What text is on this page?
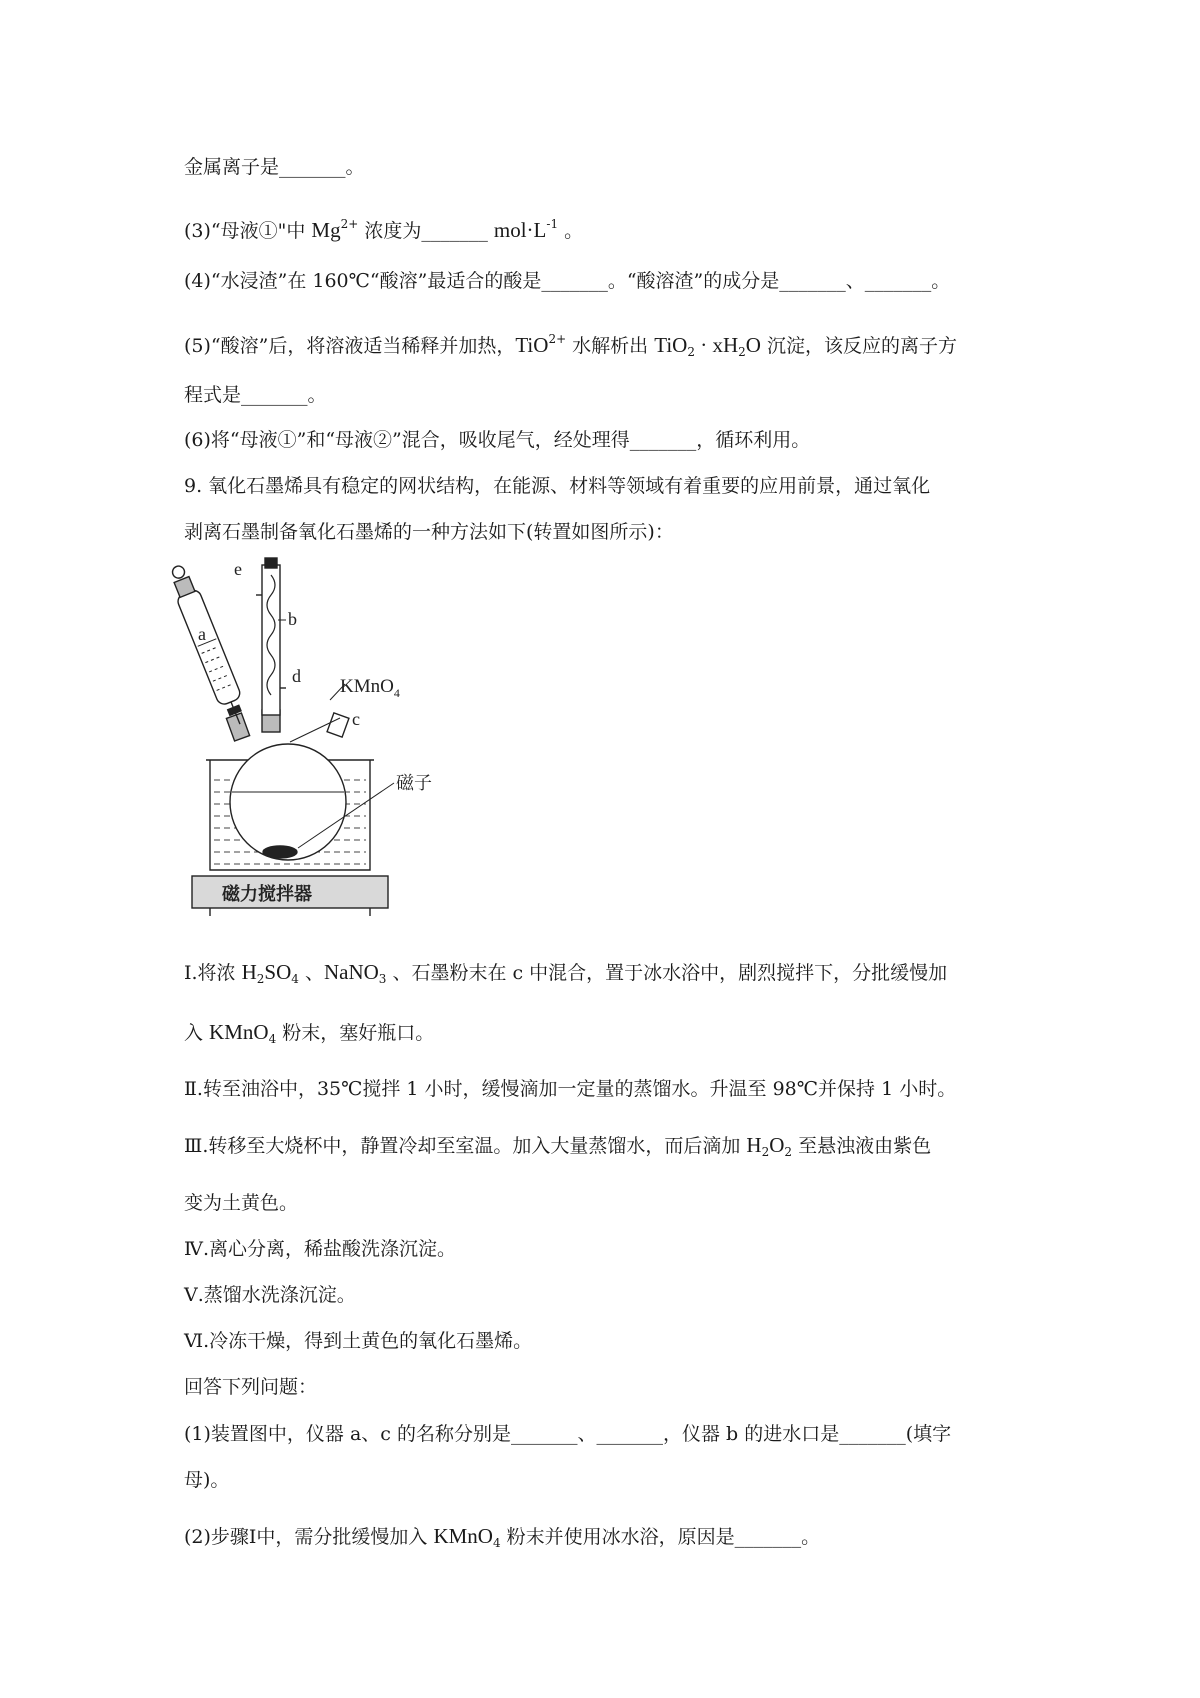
金属离子是_______。
(3)“母液①"中 $Mg^{2+}$ 浓度为_______ $mol\cdot L^{-1}$ 。
(4)“水浸渣”在 160℃“酸溶”最适合的酸是_______。“酸溶渣”的成分是_______、_______。
(5)“酸溶”后，将溶液适当稀释并加热，TiO$^{2+}$ 水解析出 $TiO_2 \cdot xH_2O$ 沉淀，该反应的离子方
程式是_______。
(6)将“母液①”和“母液②”混合，吸收尾气，经处理得_______，循环利用。
9. 氧化石墨烯具有稳定的网状结构，在能源、材料等领域有着重要的应用前景，通过氧化
剥离石墨制备氧化石墨烯的一种方法如下(转置如图所示)：
a
e
b
d
c
KMnO$_4$
磁子
磁力搅拌器
Ⅰ.将浓 $H_2SO_4$ 、NaNO$_3$ 、石墨粉末在 c 中混合，置于冰水浴中，剧烈搅拌下，分批缓慢加
入 KMnO$_4$ 粉末，塞好瓶口。
Ⅱ.转至油浴中，35℃搅拌 1 小时，缓慢滴加一定量的蒸馏水。升温至 98℃并保持 1 小时。
Ⅲ.转移至大烧杯中，静置冷却至室温。加入大量蒸馏水，而后滴加 $H_2O_2$ 至悬浊液由紫色
变为土黄色。
Ⅳ.离心分离，稀盐酸洗涤沉淀。
Ⅴ.蒸馏水洗涤沉淀。
Ⅵ.冷冻干燥，得到土黄色的氧化石墨烯。
回答下列问题：
(1)装置图中，仪器 a、c 的名称分别是_______、_______，仪器 b 的进水口是_______(填字
母)。
(2)步骤Ⅰ中，需分批缓慢加入 KMnO$_4$ 粉末并使用冰水浴，原因是_______。
